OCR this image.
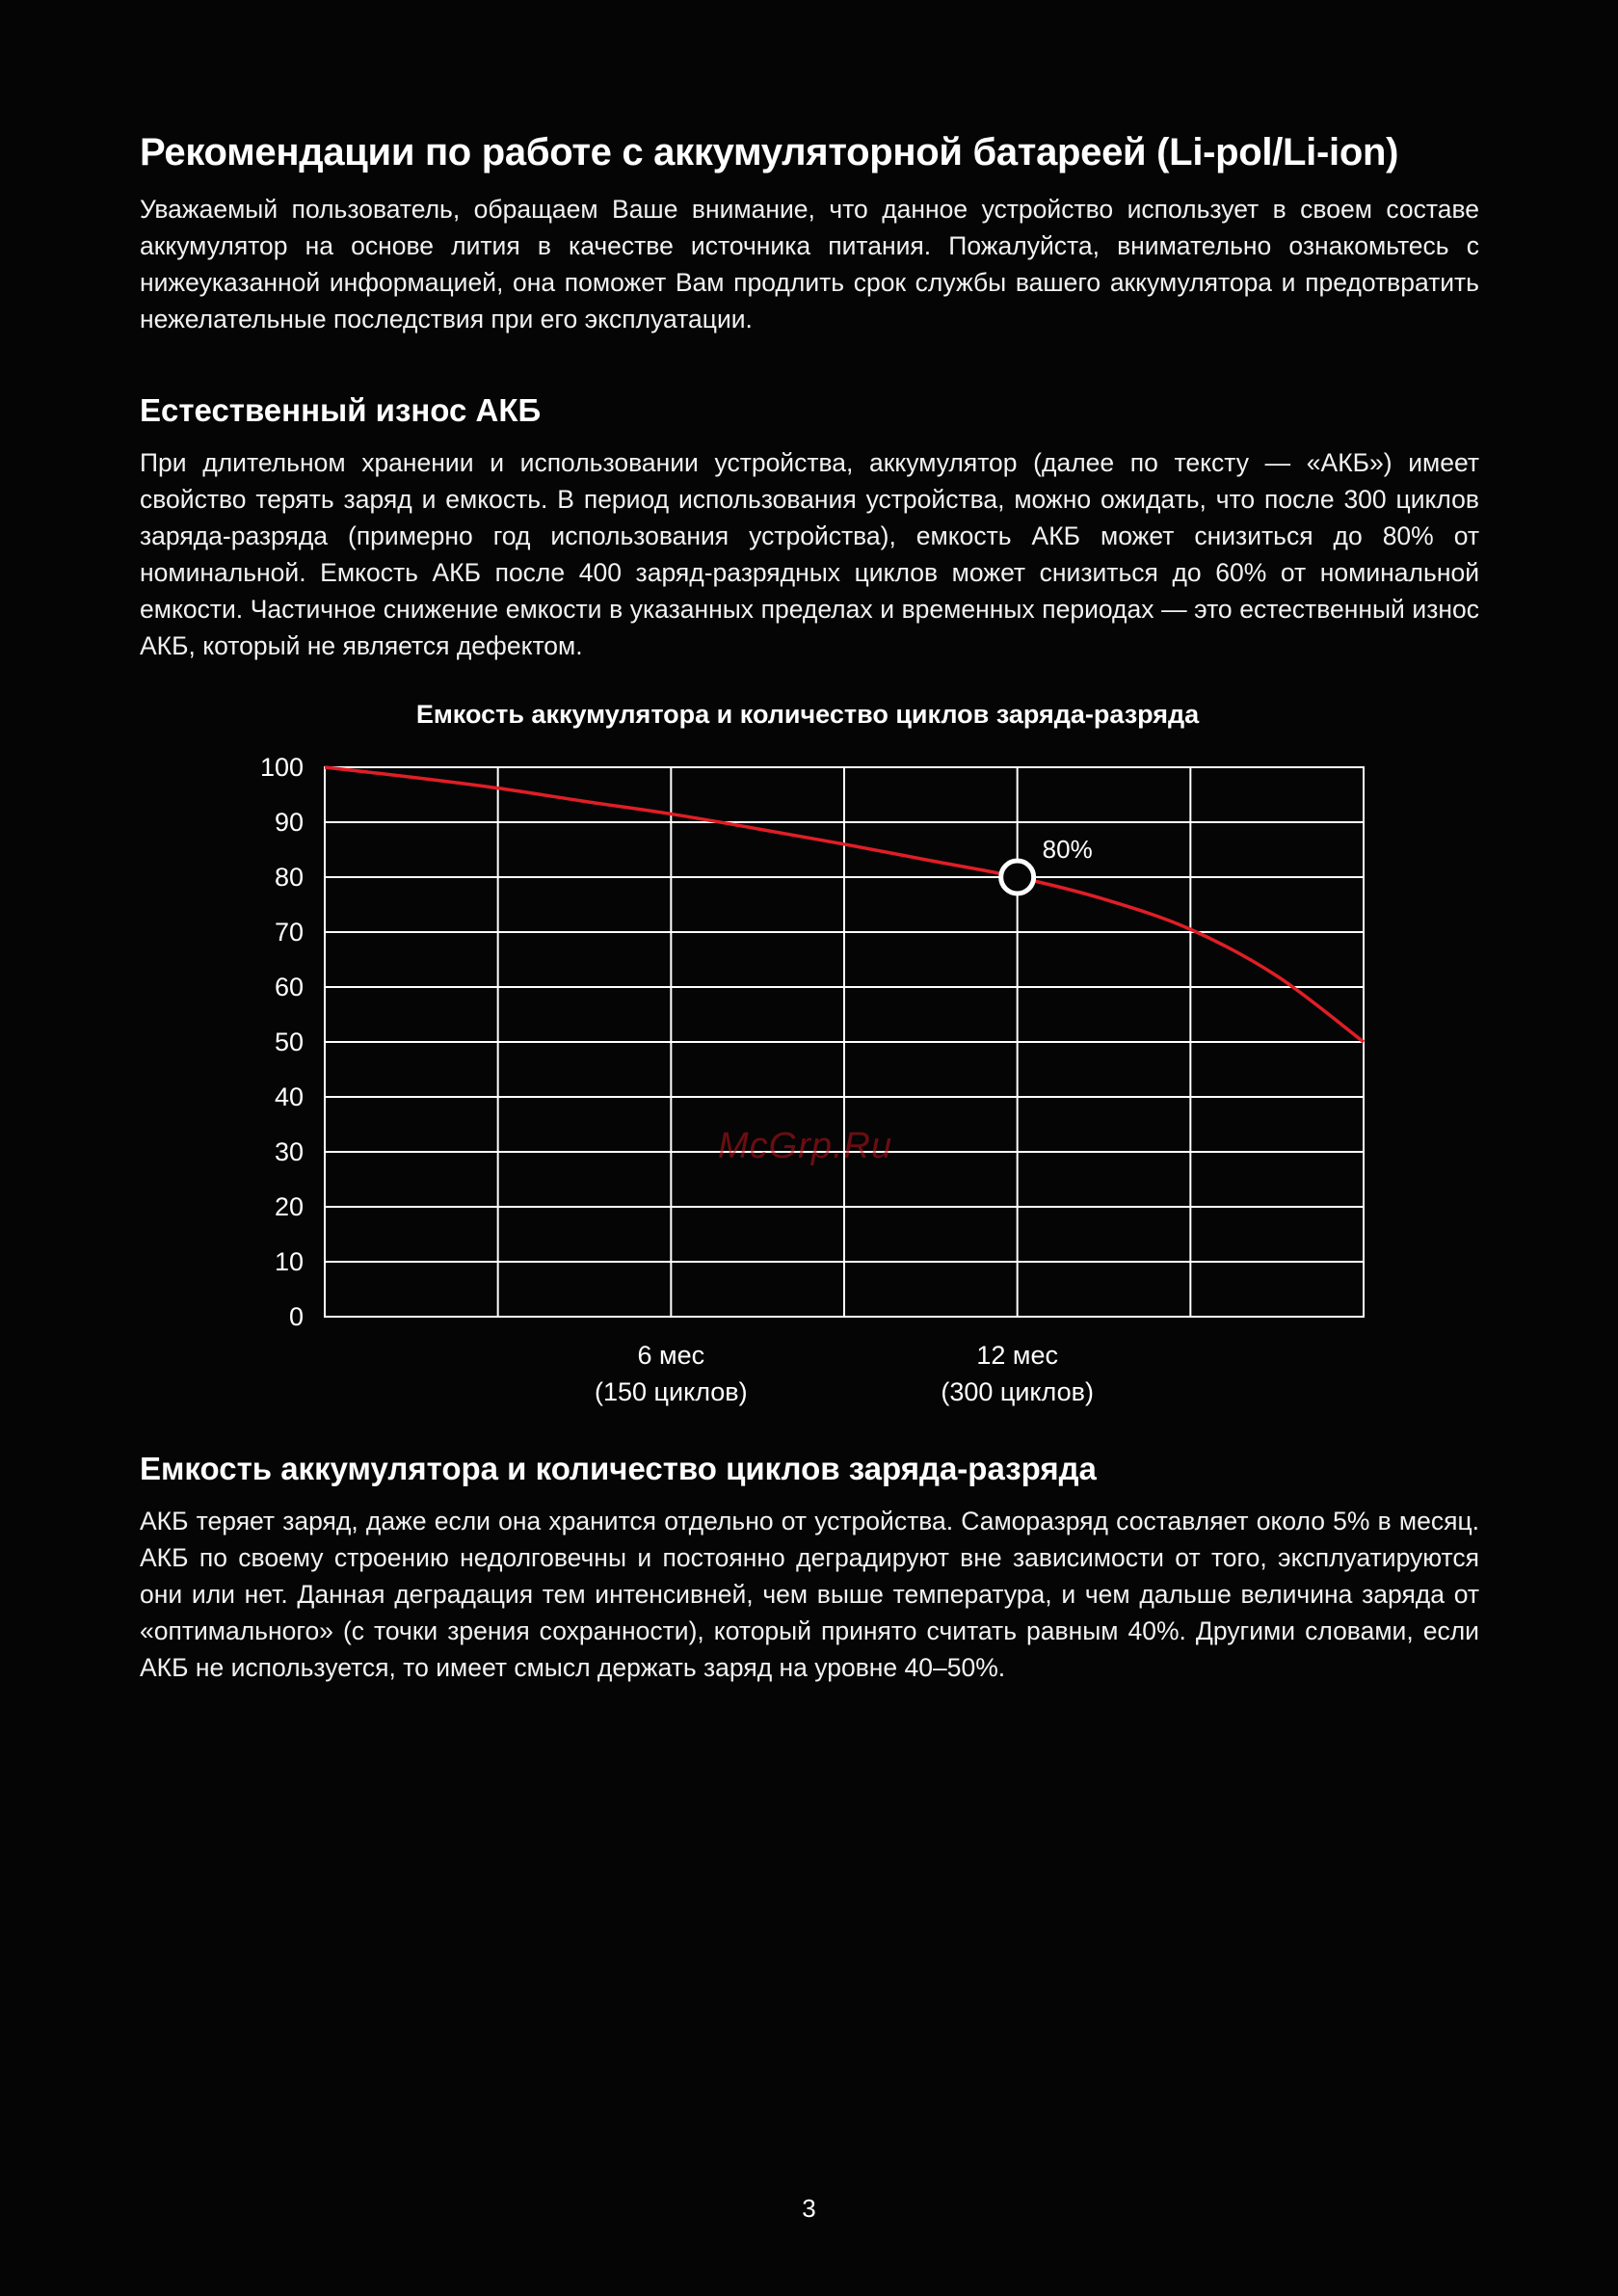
Рекомендации по работе с аккумуляторной батареей (Li-pol/Li-ion)

Уважаемый пользователь, обращаем Ваше внимание, что данное устройство использует в своем составе аккумулятор на основе лития в качестве источника питания. Пожалуйста, внимательно ознакомьтесь с нижеуказанной информацией, она поможет Вам продлить срок службы вашего аккумулятора и предотвратить нежелательные последствия при его эксплуатации.

Естественный износ АКБ

При длительном хранении и использовании устройства, аккумулятор (далее по тексту — «АКБ») имеет свойство терять заряд и емкость. В период использования устройства, можно ожидать, что после 300 циклов заряда-разряда (примерно год использования устройства), емкость АКБ может снизиться до 80% от номинальной. Емкость АКБ после 400 заряд-разрядных циклов может снизиться до 60% от номинальной емкости. Частичное снижение емкости в указанных пределах и временных периодах — это естественный износ АКБ, который не является дефектом.

Емкость аккумулятора и количество циклов заряда-разряда
0
10
20
30
40
50
60
70
80
90
100
6 мес
(150 циклов)
12 мес
(300 циклов)
80%
McGrp.Ru
Емкость аккумулятора и количество циклов заряда-разряда

АКБ теряет заряд, даже если она хранится отдельно от устройства. Саморазряд составляет около 5% в месяц. АКБ по своему строению недолговечны и постоянно деградируют вне зависимости от того, эксплуатируются они или нет. Данная деградация тем интенсивней, чем выше температура, и чем дальше величина заряда от «оптимального» (с точки зрения сохранности), который принято считать равным 40%. Другими словами, если АКБ не используется, то имеет смысл держать заряд на уровне 40–50%.

3
